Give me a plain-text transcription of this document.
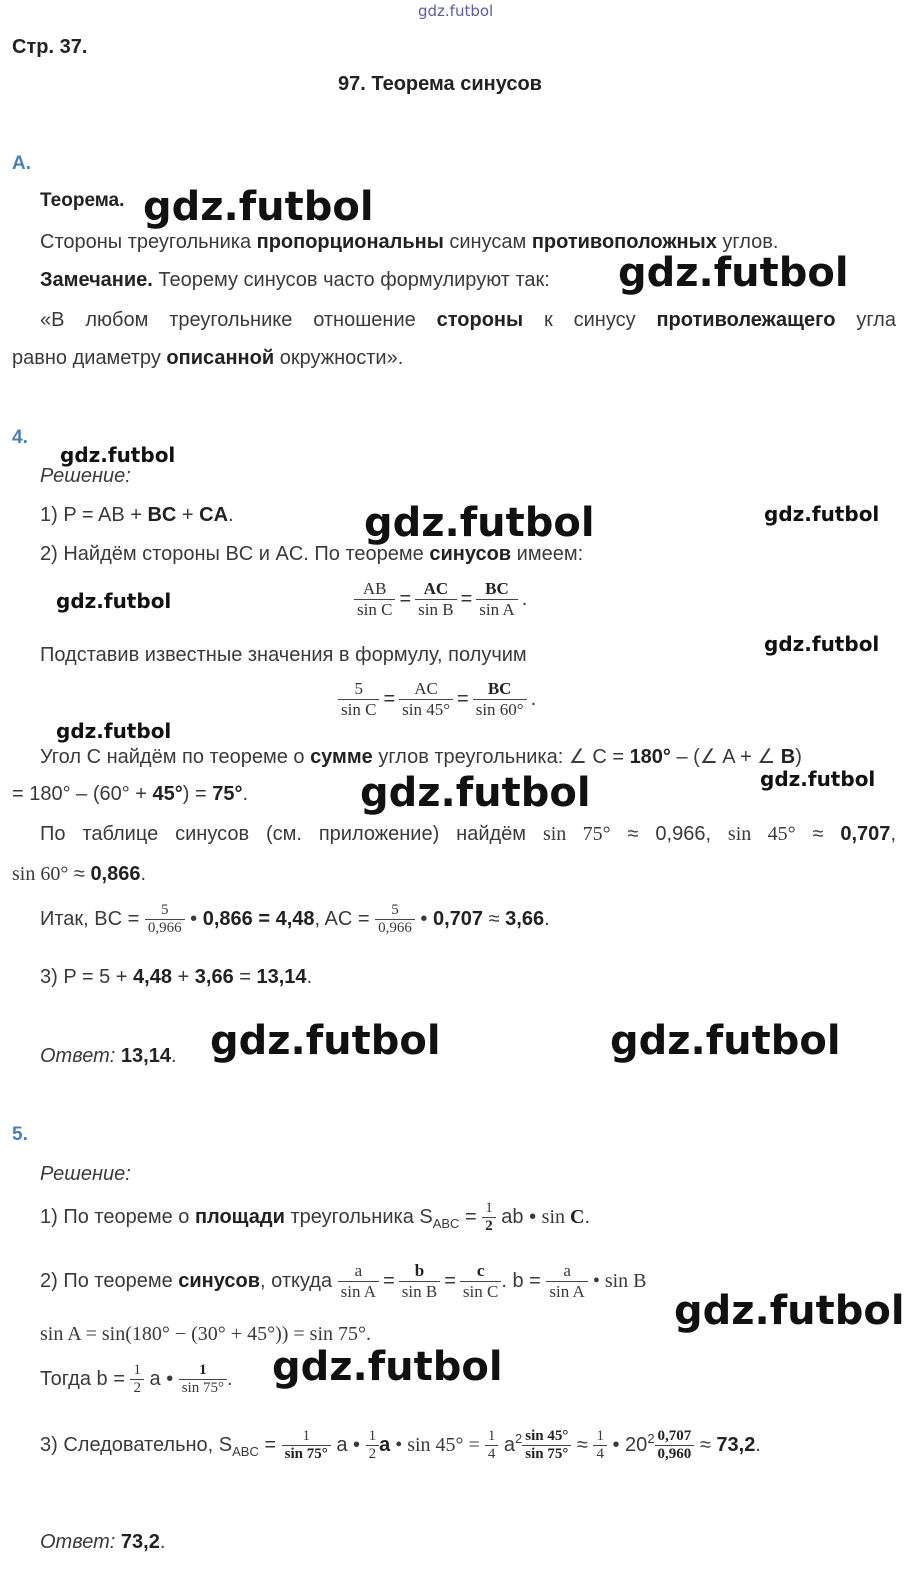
gdz.futbol
Стр. 37.
97. Теорема синусов
А.
Теорема. gdz.futbol
Стороны треугольника пропорциональны синусам противоположных углов.
Замечание. Теорему синусов часто формулируют так: gdz.futbol
«В любом треугольнике отношение стороны к синусу противолежащего угла
равно диаметру описанной окружности».
4.
gdz.futbol
Решение:
1) P = AB + BC + CA.	gdz.futbol	gdz.futbol
2) Найдём стороны BC и AC. По теореме синусов имеем:
gdz.futbol	$\frac{AB}{\text{sin C}} = \frac{AC}{\text{sin B}} = \frac{BC}{\text{sin A}}$ .
Подставив известные значения в формулу, получим	gdz.futbol
$\frac{5}{\text{sin C}} = \frac{AC}{\sin 45^\circ} = \frac{BC}{\sin 60^\circ}$ .
gdz.futbol
Угол C найдём по теореме о сумме углов треугольника: ∠ C = 180° – (∠ A + ∠ B)
= 180° – (60° + 45°) = 75°.	gdz.futbol	gdz.futbol
По таблице синусов (см. приложение) найдём sin 75° ≈ 0,966, sin 45° ≈ 0,707,
sin 60° ≈ 0,866.
Итак, BC = $\frac{5}{0,966}$ • 0,866 = 4,48, AC = $\frac{5}{0,966}$ • 0,707 ≈ 3,66.
3) P = 5 + 4,48 + 3,66 = 13,14.
Ответ: 13,14. gdz.futbol	gdz.futbol
5.
Решение:
1) По теореме о площади треугольника $S_{ABC} = \frac{1}{2}$ ab • sin C.
2) По теореме синусов, откуда $\frac{a}{\text{sin A}} = \frac{b}{\text{sin B}} = \frac{c}{\text{sin C}}$ . $b = \frac{a}{\text{sin A}}$ • sin B
gdz.futbol
sin A = sin(180° − (30° + 45°)) = sin 75°.
Тогда $b = \frac{1}{2}$ a • $\frac{1}{\sin 75^\circ}$ . gdz.futbol
3) Следовательно, $S_{ABC} = \frac{1}{\sin 75^\circ}$ a • $\frac{1}{2}$ a • $\sin 45^\circ = \frac{1}{4} a^2 \frac{\sin 45^\circ}{\sin 75^\circ} \approx \frac{1}{4}$ • $20^2 \frac{0,707}{0,960} \approx 73,2$.
Ответ: 73,2.
